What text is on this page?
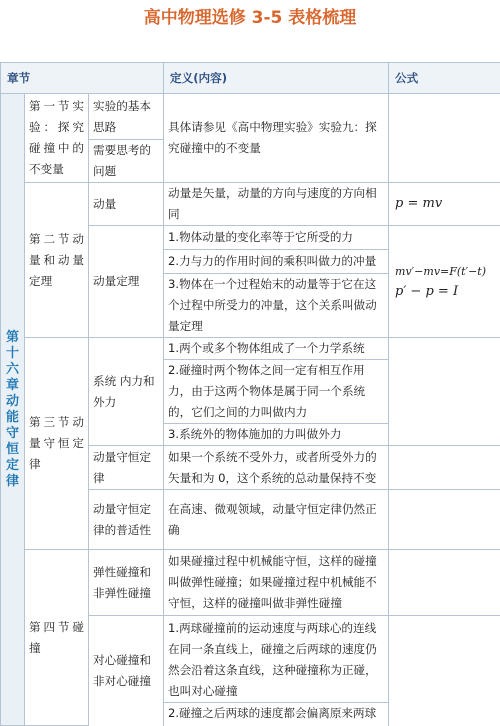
高中物理选修 3-5 表格梳理
章节			定义(内容)	公式
第十六章 动能守恒定律	第一节实验：探究碰撞中的不变量	实验的基本思路	具体请参见《高中物理实验》实验九：探究碰撞中的不变量	
		需要思考的问题		
	第二节动量和动量定理	动量	动量是矢量，动量的方向与速度的方向相同	p = mv
		动量定理	1.物体动量的变化率等于它所受的力	mv′−mv=F(t′−t)
p′ − p = I

			2.力与力的作用时间的乘积叫做力的冲量	
			3.物体在一个过程始末的动量等于它在这个过程中所受力的冲量，这个关系叫做动量定理	
	第三节动量守恒定律	系统 内力和外力	1.两个或多个物体组成了一个力学系统	
			2.碰撞时两个物体之间一定有相互作用力，由于这两个物体是属于同一个系统的，它们之间的力叫做内力	
			3.系统外的物体施加的力叫做外力	
		动量守恒定律	如果一个系统不受外力，或者所受外力的矢量和为 0，这个系统的总动量保持不变	
		动量守恒定律的普适性	在高速、微观领域，动量守恒定律仍然正确	

	第四节碰撞	弹性碰撞和非弹性碰撞	如果碰撞过程中机械能守恒，这样的碰撞叫做弹性碰撞；如果碰撞过程中机械能不守恒，这样的碰撞叫做非弹性碰撞	
		对心碰撞和非对心碰撞	1.两球碰撞前的运动速度与两球心的连线在同一条直线上，碰撞之后两球的速度仍然会沿着这条直线，这种碰撞称为正碰，也叫对心碰撞
2.碰撞之后两球的速度都会偏离原来两球	
